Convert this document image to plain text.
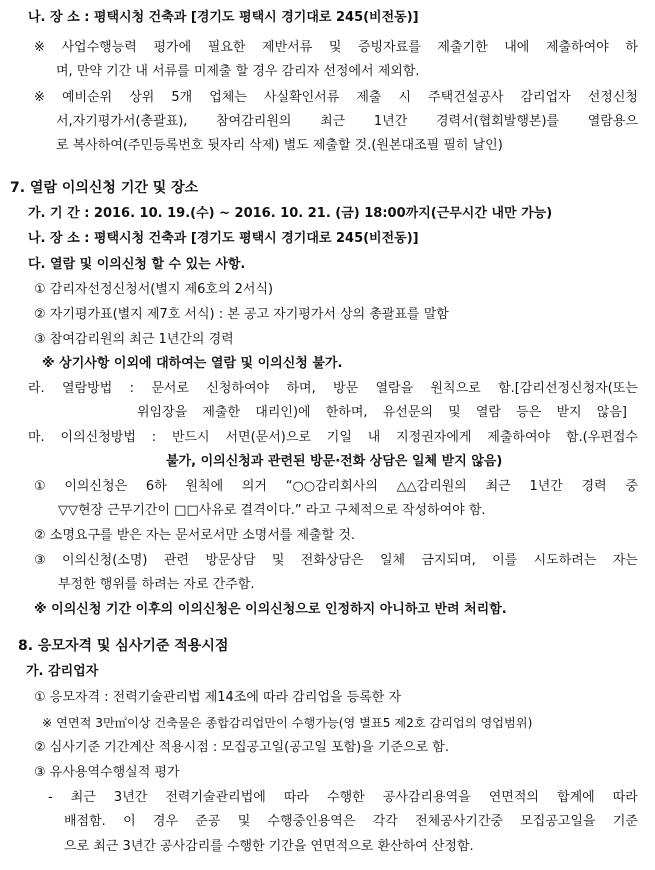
나. 장 소 : 평택시청 건축과 [경기도 평택시 경기대로 245(비전동)]
※ 사업수행능력 평가에 필요한 제반서류 및 증빙자료를 제출기한 내에 제출하여야 하
며, 만약 기간 내 서류를 미제출 할 경우 감리자 선정에서 제외함.
※ 예비순위 상위 5개 업체는 사실확인서류 제출 시 주택건설공사 감리업자 선정신청
서,자기평가서(총괄표), 참여감리원의 최근 1년간 경력서(협회발행본)를 열람용으
로 복사하여(주민등록번호 뒷자리 삭제) 별도 제출할 것.(원본대조필 필히 날인)
7. 열람 이의신청 기간 및 장소
가. 기 간 : 2016. 10. 19.(수) ~ 2016. 10. 21. (금) 18:00까지(근무시간 내만 가능)
나. 장 소 : 평택시청 건축과 [경기도 평택시 경기대로 245(비전동)]
다. 열람 및 이의신청 할 수 있는 사항.
① 감리자선정신청서(별지 제6호의 2서식)
② 자기평가표(별지 제7호 서식) : 본 공고 자기평가서 상의 총괄표를 말함
③ 참여감리원의 최근 1년간의 경력
※ 상기사항 이외에 대하여는 열람 및 이의신청 불가.
라. 열람방법 : 문서로 신청하여야 하며, 방문 열람을 원칙으로 함.[감리선정신청자(또는
위임장을 제출한 대리인)에 한하며, 유선문의 및 열람 등은 받지 않음]
마. 이의신청방법 : 반드시 서면(문서)으로 기일 내 지정권자에게 제출하여야 함.(우편접수
불가, 이의신청과 관련된 방문·전화 상담은 일체 받지 않음)
① 이의신청은 6하 원칙에 의거 “○○감리회사의 △△감리원의 최근 1년간 경력 중
▽▽현장 근무기간이 □□사유로 결격이다.” 라고 구체적으로 작성하여야 함.
② 소명요구를 받은 자는 문서로서만 소명서를 제출할 것.
③ 이의신청(소명) 관련 방문상담 및 전화상담은 일체 금지되며, 이를 시도하려는 자는
부정한 행위를 하려는 자로 간주함.
※ 이의신청 기간 이후의 이의신청은 이의신청으로 인정하지 아니하고 반려 처리함.
8. 응모자격 및 심사기준 적용시점
가. 감리업자
① 응모자격 : 전력기술관리법 제14조에 따라 감리업을 등록한 자
※ 연면적 3만㎡이상 건축물은 종합감리업만이 수행가능(영 별표5 제2호 감리업의 영업범위)
② 심사기준 기간계산 적용시점 : 모집공고일(공고일 포함)을 기준으로 함.
③ 유사용역수행실적 평가
- 최근 3년간 전력기술관리법에 따라 수행한 공사감리용역을 연면적의 합계에 따라
배점함. 이 경우 준공 및 수행중인용역은 각각 전체공사기간중 모집공고일을 기준
으로 최근 3년간 공사감리를 수행한 기간을 연면적으로 환산하여 산정함.
